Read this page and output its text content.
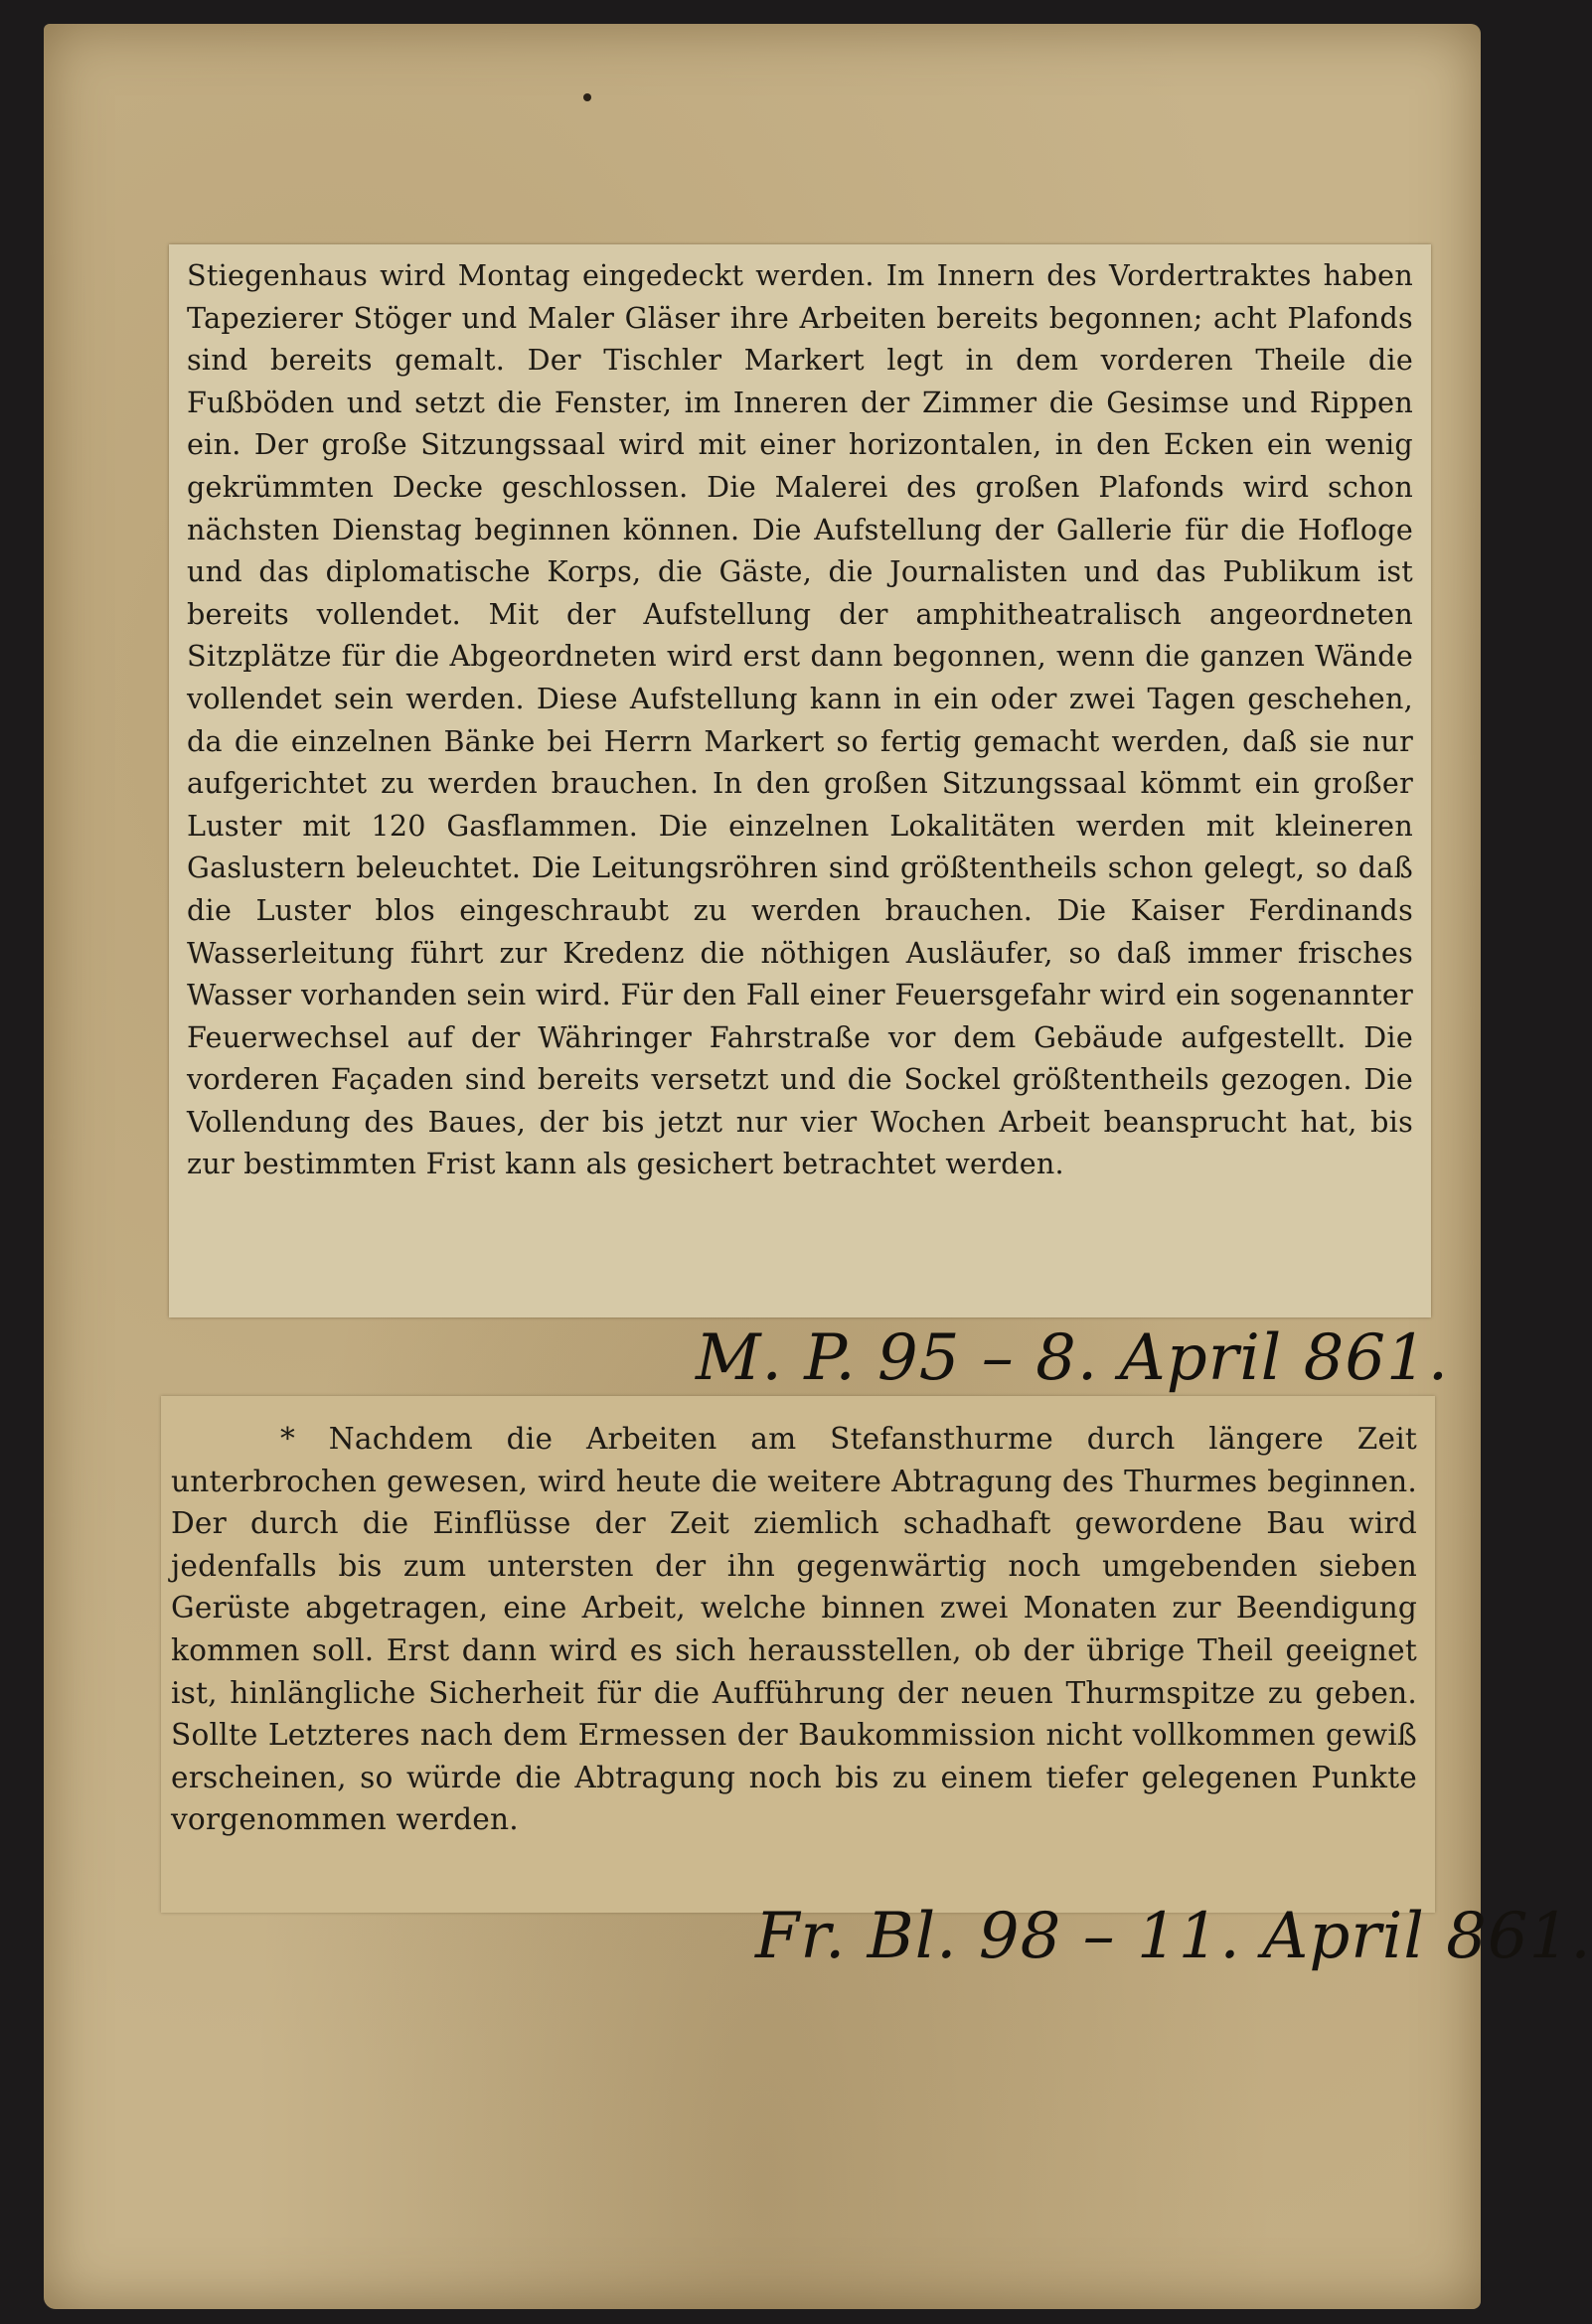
Stiegenhaus wird Montag eingedeckt werden. Im Innern des Vordertraktes haben Tapezierer Stöger und Maler Gläser ihre Arbeiten bereits begonnen; acht Plafonds sind bereits gemalt. Der Tischler Markert legt in dem vorderen Theile die Fußböden und setzt die Fenster, im Inneren der Zimmer die Gesimse und Rippen ein. Der große Sitzungssaal wird mit einer horizontalen, in den Ecken ein wenig gekrümmten Decke geschlossen. Die Malerei des großen Plafonds wird schon nächsten Dienstag beginnen können. Die Aufstellung der Gallerie für die Hofloge und das diplomatische Korps, die Gäste, die Journalisten und das Publikum ist bereits vollendet. Mit der Aufstellung der amphitheatralisch angeordneten Sitzplätze für die Abgeordneten wird erst dann begonnen, wenn die ganzen Wände vollendet sein werden. Diese Aufstellung kann in ein oder zwei Tagen geschehen, da die einzelnen Bänke bei Herrn Markert so fertig gemacht werden, daß sie nur aufgerichtet zu werden brauchen. In den großen Sitzungssaal kömmt ein großer Luster mit 120 Gasflammen. Die einzelnen Lokalitäten werden mit kleineren Gaslustern beleuchtet. Die Leitungsröhren sind größtentheils schon gelegt, so daß die Luster blos eingeschraubt zu werden brauchen. Die Kaiser Ferdinands Wasserleitung führt zur Kredenz die nöthigen Ausläufer, so daß immer frisches Wasser vorhanden sein wird. Für den Fall einer Feuersgefahr wird ein sogenannter Feuerwechsel auf der Währinger Fahrstraße vor dem Gebäude aufgestellt. Die vorderen Façaden sind bereits versetzt und die Sockel größtentheils gezogen. Die Vollendung des Baues, der bis jetzt nur vier Wochen Arbeit beansprucht hat, bis zur bestimmten Frist kann als gesichert betrachtet werden.

M. P. 95 – 8. April 861.

* Nachdem die Arbeiten am Stefansthurme durch längere Zeit unterbrochen gewesen, wird heute die weitere Abtragung des Thurmes beginnen. Der durch die Einflüsse der Zeit ziemlich schadhaft gewordene Bau wird jedenfalls bis zum untersten der ihn gegenwärtig noch umgebenden sieben Gerüste abgetragen, eine Arbeit, welche binnen zwei Monaten zur Beendigung kommen soll. Erst dann wird es sich herausstellen, ob der übrige Theil geeignet ist, hinlängliche Sicherheit für die Aufführung der neuen Thurmspitze zu geben. Sollte Letzteres nach dem Ermessen der Baukommission nicht vollkommen gewiß erscheinen, so würde die Abtragung noch bis zu einem tiefer gelegenen Punkte vorgenommen werden.

Fr. Bl. 98 – 11. April 861.
